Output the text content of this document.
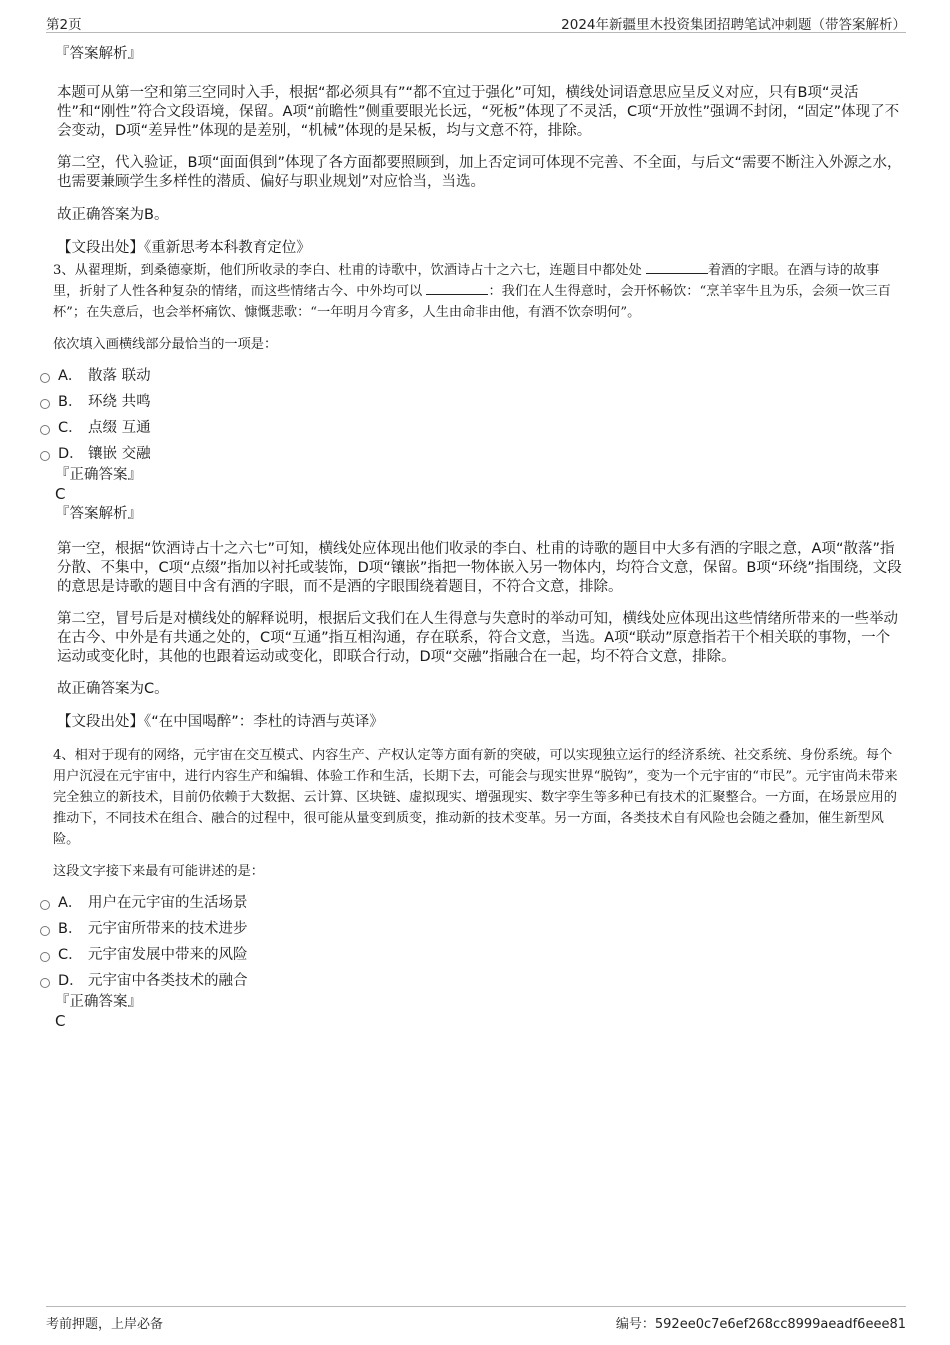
第2页	2024年新疆里木投资集团招聘笔试冲刺题（带答案解析）

『答案解析』

本题可从第一空和第三空同时入手，根据“都必须具有”“都不宜过于强化”可知，横线处词语意思应呈反义对应，只有B项“灵活性”和“刚性”符合文段语境，保留。A项“前瞻性”侧重要眼光长远，“死板”体现了不灵活，C项“开放性”强调不封闭，“固定”体现了不会变动，D项“差异性”体现的是差别，“机械”体现的是呆板，均与文意不符，排除。

第二空，代入验证，B项“面面俱到”体现了各方面都要照顾到，加上否定词可体现不完善、不全面，与后文“需要不断注入外源之水，也需要兼顾学生多样性的潜质、偏好与职业规划”对应恰当，当选。

故正确答案为B。

【文段出处】《重新思考本科教育定位》

3、从翟理斯，到桑德豪斯，他们所收录的李白、杜甫的诗歌中，饮酒诗占十之六七，连题目中都处处	着酒的字眼。在酒与诗的故事里，折射了人性各种复杂的情绪，而这些情绪古今、中外均可以	：我们在人生得意时，会开怀畅饮：“烹羊宰牛且为乐，会须一饮三百杯”；在失意后，也会举杯痛饮、慷慨悲歌：“一年明月今宵多，人生由命非由他，有酒不饮奈明何”。

依次填入画横线部分最恰当的一项是：

A． 散落 联动
B． 环绕 共鸣
C． 点缀 互通
D． 镶嵌 交融

『正确答案』

C

『答案解析』

第一空，根据“饮酒诗占十之六七”可知，横线处应体现出他们收录的李白、杜甫的诗歌的题目中大多有酒的字眼之意，A项“散落”指分散、不集中，C项“点缀”指加以衬托或装饰，D项“镶嵌”指把一物体嵌入另一物体内，均符合文意，保留。B项“环绕”指围绕，文段的意思是诗歌的题目中含有酒的字眼，而不是酒的字眼围绕着题目，不符合文意，排除。

第二空，冒号后是对横线处的解释说明，根据后文我们在人生得意与失意时的举动可知，横线处应体现出这些情绪所带来的一些举动在古今、中外是有共通之处的，C项“互通”指互相沟通，存在联系，符合文意，当选。A项“联动”原意指若干个相关联的事物，一个运动或变化时，其他的也跟着运动或变化，即联合行动，D项“交融”指融合在一起，均不符合文意，排除。

故正确答案为C。

【文段出处】《“在中国喝醉”：李杜的诗酒与英译》

4、相对于现有的网络，元宇宙在交互模式、内容生产、产权认定等方面有新的突破，可以实现独立运行的经济系统、社交系统、身份系统。每个用户沉浸在元宇宙中，进行内容生产和编辑、体验工作和生活，长期下去，可能会与现实世界“脱钩”，变为一个元宇宙的“市民”。元宇宙尚未带来完全独立的新技术，目前仍依赖于大数据、云计算、区块链、虚拟现实、增强现实、数字孪生等多种已有技术的汇聚整合。一方面，在场景应用的推动下，不同技术在组合、融合的过程中，很可能从量变到质变，推动新的技术变革。另一方面，各类技术自有风险也会随之叠加，催生新型风险。

这段文字接下来最有可能讲述的是：

A． 用户在元宇宙的生活场景
B． 元宇宙所带来的技术进步
C． 元宇宙发展中带来的风险
D． 元宇宙中各类技术的融合

『正确答案』

C

考前押题，上岸必备	编号：592ee0c7e6ef268cc8999aeadf6eee81
